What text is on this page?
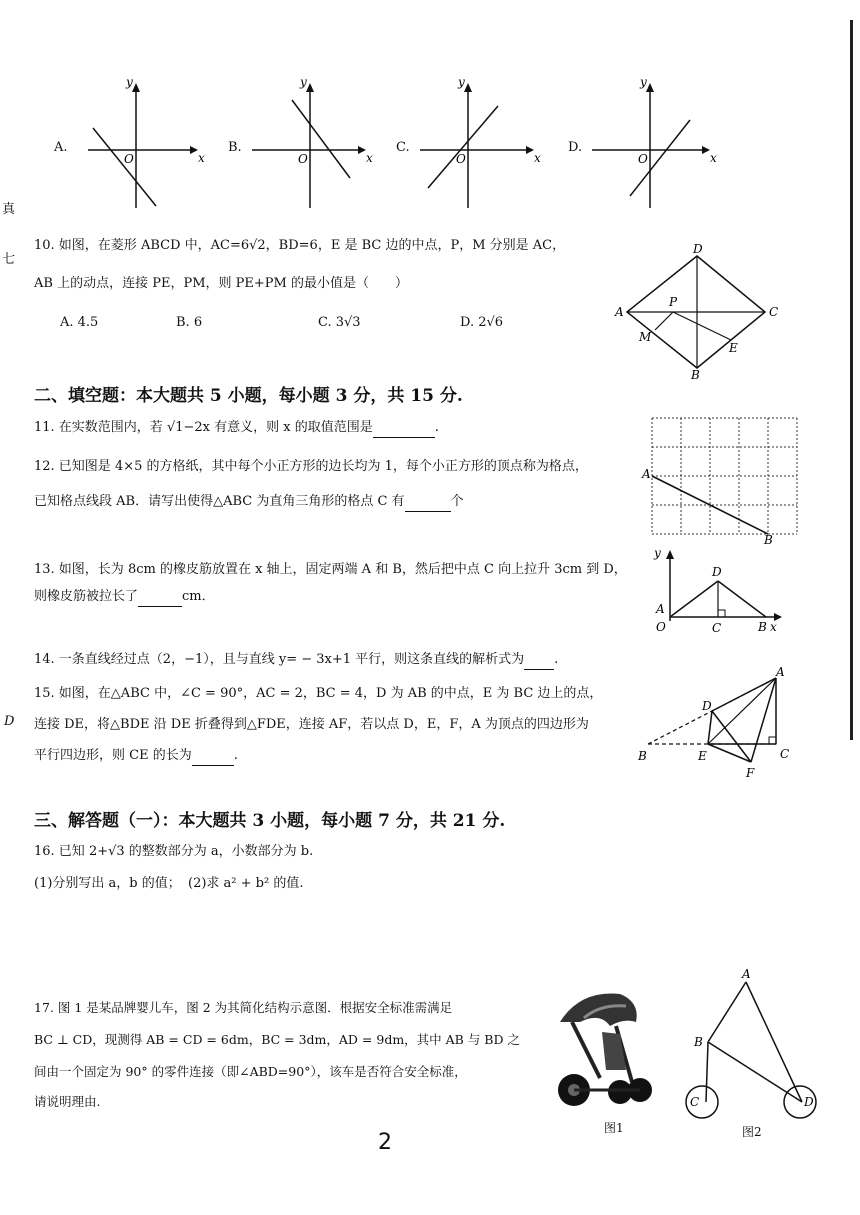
真
七
D
A.
y
x
O
B.
y
x
O
C.
y
x
O
D.
y
x
O
10. 如图，在菱形 ABCD 中，AC=6√2，BD=6，E 是 BC 边的中点，P，M 分别是 AC，
AB 上的动点，连接 PE，PM，则 PE+PM 的最小值是（　　）
A. 4.5	B. 6	C. 3√3	D. 2√6
A
D
C
B
P
M
E
二、填空题：本大题共 5 小题，每小题 3 分，共 15 分.
11. 在实数范围内，若 √1−2x 有意义，则 x 的取值范围是	.
12. 已知图是 4×5 的方格纸，其中每个小正方形的边长均为 1，每个小正方形的顶点称为格点，
已知格点线段 AB．请写出使得△ABC 为直角三角形的格点 C 有	个
A
B
13. 如图，长为 8cm 的橡皮筋放置在 x 轴上，固定两端 A 和 B，然后把中点 C 向上拉升 3cm 到 D，
则橡皮筋被拉长了	cm．
y
x
A
O	C	B
D
14. 一条直线经过点（2，−1），且与直线 y= − 3x+1 平行，则这条直线的解析式为 .
15. 如图，在△ABC 中，∠C = 90°，AC = 2，BC = 4，D 为 AB 的中点，E 为 BC 边上的点，
连接 DE，将△BDE 沿 DE 折叠得到△FDE，连接 AF，若以点 D，E，F，A 为顶点的四边形为
平行四边形，则 CE 的长为	.
A
D
B	E	C
F
三、解答题（一）：本大题共 3 小题，每小题 7 分，共 21 分.
16. 已知 2+√3 的整数部分为 a，小数部分为 b.
(1)分别写出 a，b 的值； (2)求 a² + b² 的值.
17. 图 1 是某品牌婴儿车，图 2 为其简化结构示意图．根据安全标准需满足
BC ⊥ CD，现测得 AB = CD = 6dm，BC = 3dm，AD = 9dm，其中 AB 与 BD 之
间由一个固定为 90° 的零件连接（即∠ABD=90°），该车是否符合安全标准，
请说明理由.
图1
A
B
C	D
图2
2
